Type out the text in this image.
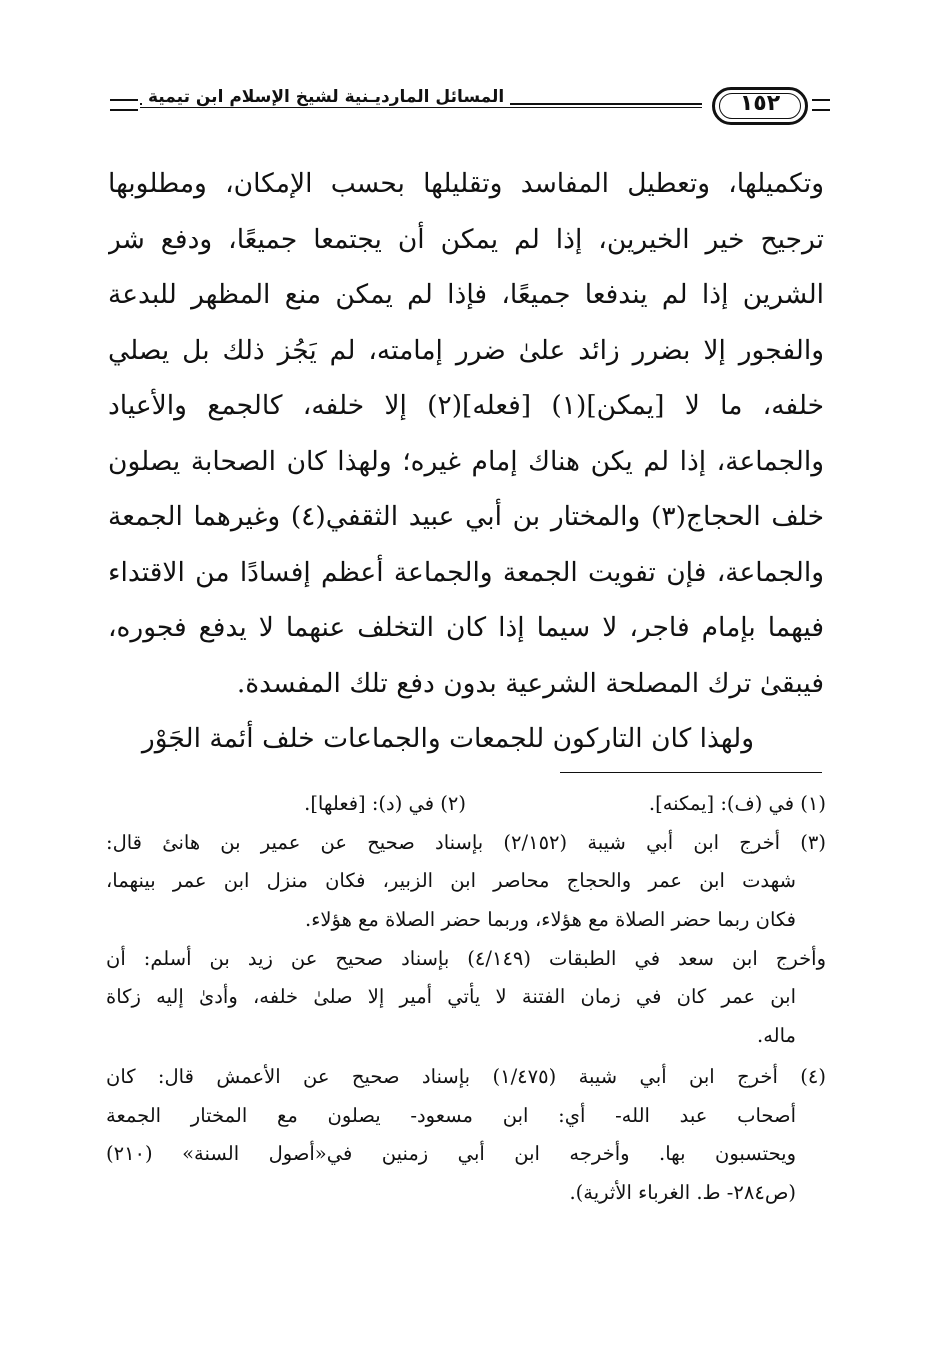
المسائل المارديـنية لشيخ الإسلام ابن تيمية	١٥٢
وتكميلها، وتعطيل المفاسد وتقليلها بحسب الإمكان، ومطلوبها
ترجيح خير الخيرين، إذا لم يمكن أن يجتمعا جميعًا، ودفع شر
الشرين إذا لم يندفعا جميعًا، فإذا لم يمكن منع المظهر للبدعة
والفجور إلا بضرر زائد علىٰ ضرر إمامته، لم يَجُز ذلك بل يصلي
خلفه، ما لا [يمكن](١) [فعله](٢) إلا خلفه، كالجمع والأعياد
والجماعة، إذا لم يكن هناك إمام غيره؛ ولهذا كان الصحابة يصلون
خلف الحجاج(٣) والمختار بن أبي عبيد الثقفي(٤) وغيرهما الجمعة
والجماعة، فإن تفويت الجمعة والجماعة أعظم إفسادًا من الاقتداء
فيهما بإمام فاجر، لا سيما إذا كان التخلف عنهما لا يدفع فجوره،
فيبقىٰ ترك المصلحة الشرعية بدون دفع تلك المفسدة.
ولهذا كان التاركون للجمعات والجماعات خلف أئمة الجَوْر
(١) في (ف): [يمكنه].
(٢) في (د): [فعلها].
(٣) أخرج ابن أبي شيبة (٢/١٥٢) بإسناد صحيح عن عمير بن هانئ قال:
شهدت ابن عمر والحجاج محاصر ابن الزبير، فكان منزل ابن عمر بينهما،
فكان ربما حضر الصلاة مع هؤلاء، وربما حضر الصلاة مع هؤلاء.
وأخرج ابن سعد في الطبقات (٤/١٤٩) بإسناد صحيح عن زيد بن أسلم: أن
ابن عمر كان في زمان الفتنة لا يأتي أمير إلا صلىٰ خلفه، وأدىٰ إليه زكاة
ماله.
(٤) أخرج ابن أبي شيبة (١/٤٧٥) بإسناد صحيح عن الأعمش قال: كان
أصحاب عبد الله- أي: ابن مسعود- يصلون مع المختار الجمعة
ويحتسبون بها. وأخرجه ابن أبي زمنين في«أصول السنة» (٢١٠)
(ص٢٨٤- ط. الغرباء الأثرية).
